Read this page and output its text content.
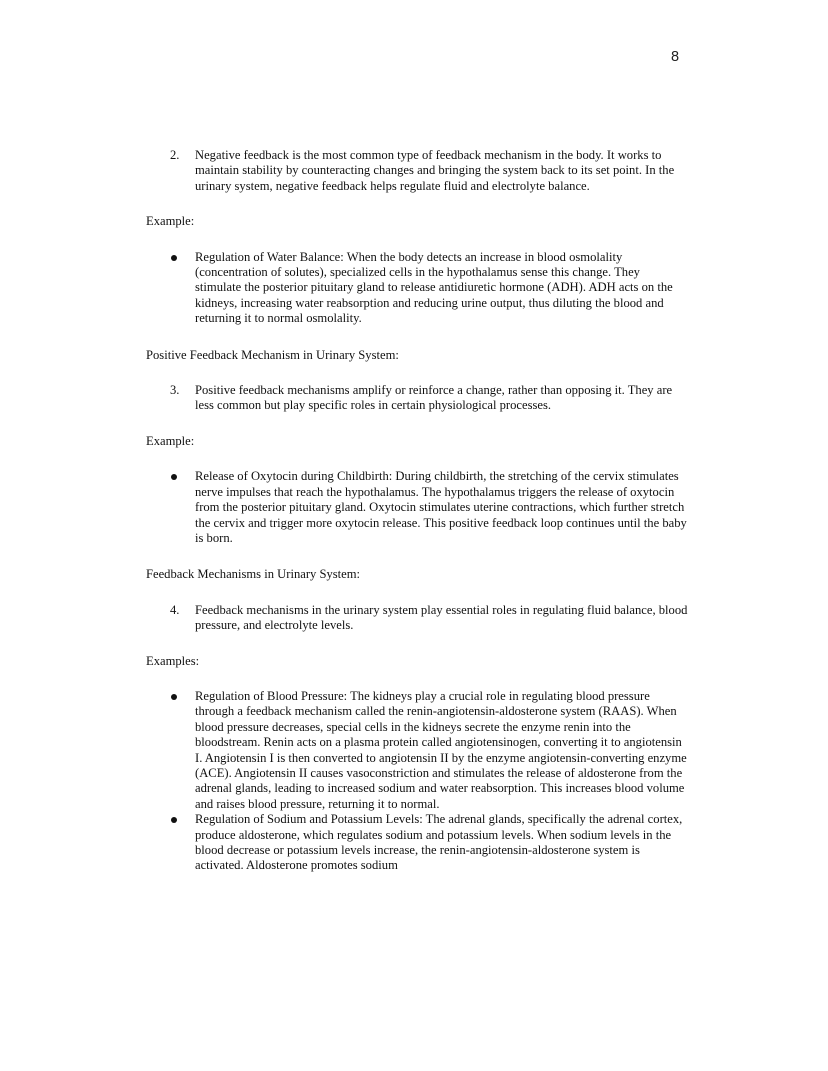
8

2. Negative feedback is the most common type of feedback mechanism in the body. It works to maintain stability by counteracting changes and bringing the system back to its set point. In the urinary system, negative feedback helps regulate fluid and electrolyte balance.

Example:

Regulation of Water Balance: When the body detects an increase in blood osmolality (concentration of solutes), specialized cells in the hypothalamus sense this change. They stimulate the posterior pituitary gland to release antidiuretic hormone (ADH). ADH acts on the kidneys, increasing water reabsorption and reducing urine output, thus diluting the blood and returning it to normal osmolality.

Positive Feedback Mechanism in Urinary System:

3. Positive feedback mechanisms amplify or reinforce a change, rather than opposing it. They are less common but play specific roles in certain physiological processes.

Example:

Release of Oxytocin during Childbirth: During childbirth, the stretching of the cervix stimulates nerve impulses that reach the hypothalamus. The hypothalamus triggers the release of oxytocin from the posterior pituitary gland. Oxytocin stimulates uterine contractions, which further stretch the cervix and trigger more oxytocin release. This positive feedback loop continues until the baby is born.

Feedback Mechanisms in Urinary System:

4. Feedback mechanisms in the urinary system play essential roles in regulating fluid balance, blood pressure, and electrolyte levels.

Examples:

Regulation of Blood Pressure: The kidneys play a crucial role in regulating blood pressure through a feedback mechanism called the renin-angiotensin-aldosterone system (RAAS). When blood pressure decreases, special cells in the kidneys secrete the enzyme renin into the bloodstream. Renin acts on a plasma protein called angiotensinogen, converting it to angiotensin I. Angiotensin I is then converted to angiotensin II by the enzyme angiotensin-converting enzyme (ACE). Angiotensin II causes vasoconstriction and stimulates the release of aldosterone from the adrenal glands, leading to increased sodium and water reabsorption. This increases blood volume and raises blood pressure, returning it to normal.
Regulation of Sodium and Potassium Levels: The adrenal glands, specifically the adrenal cortex, produce aldosterone, which regulates sodium and potassium levels. When sodium levels in the blood decrease or potassium levels increase, the renin-angiotensin-aldosterone system is activated. Aldosterone promotes sodium
